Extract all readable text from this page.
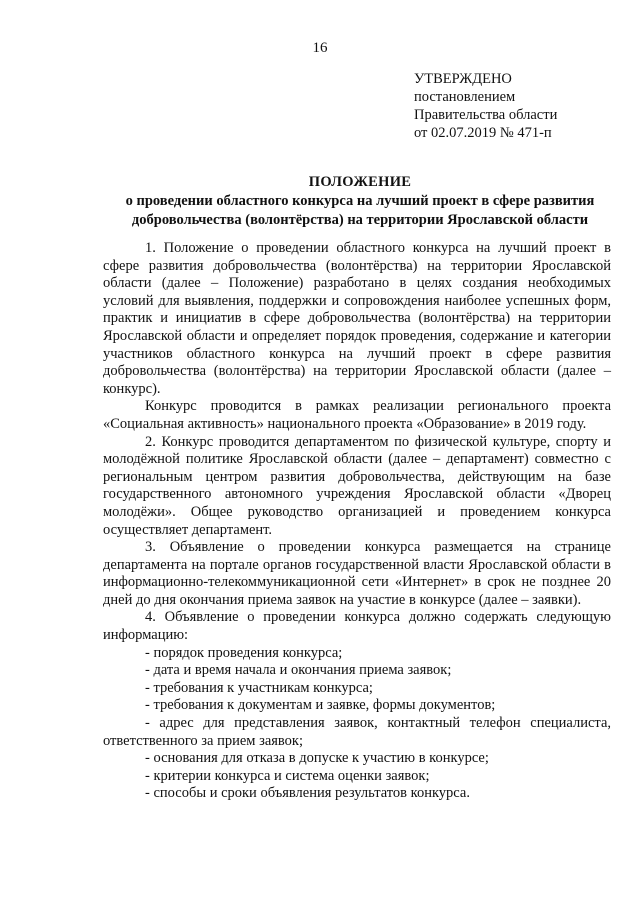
16
УТВЕРЖДЕНО
постановлением
Правительства области
от 02.07.2019 № 471-п
ПОЛОЖЕНИЕ
о проведении областного конкурса на лучший проект в сфере развития
добровольчества (волонтёрства) на территории Ярославской области

1. Положение о проведении областного конкурса на лучший проект в сфере развития добровольчества (волонтёрства) на территории Ярославской области (далее – Положение) разработано в целях создания необходимых условий для выявления, поддержки и сопровождения наиболее успешных форм, практик и инициатив в сфере добровольчества (волонтёрства) на территории Ярославской области и определяет порядок проведения, содержание и категории участников областного конкурса на лучший проект в сфере развития добровольчества (волонтёрства) на территории Ярославской области (далее – конкурс).

Конкурс проводится в рамках реализации регионального проекта «Социальная активность» национального проекта «Образование» в 2019 году.

2. Конкурс проводится департаментом по физической культуре, спорту и молодёжной политике Ярославской области (далее – департамент) совместно с региональным центром развития добровольчества, действующим на базе государственного автономного учреждения Ярославской области «Дворец молодёжи». Общее руководство организацией и проведением конкурса осуществляет департамент.

3. Объявление о проведении конкурса размещается на странице департамента на портале органов государственной власти Ярославской области в информационно-телекоммуникационной сети «Интернет» в срок не позднее 20 дней до дня окончания приема заявок на участие в конкурсе (далее – заявки).

4. Объявление о проведении конкурса должно содержать следующую информацию:

- порядок проведения конкурса;

- дата и время начала и окончания приема заявок;

- требования к участникам конкурса;

- требования к документам и заявке, формы документов;

- адрес для представления заявок, контактный телефон специалиста, ответственного за прием заявок;

- основания для отказа в допуске к участию в конкурсе;

- критерии конкурса и система оценки заявок;

- способы и сроки объявления результатов конкурса.
